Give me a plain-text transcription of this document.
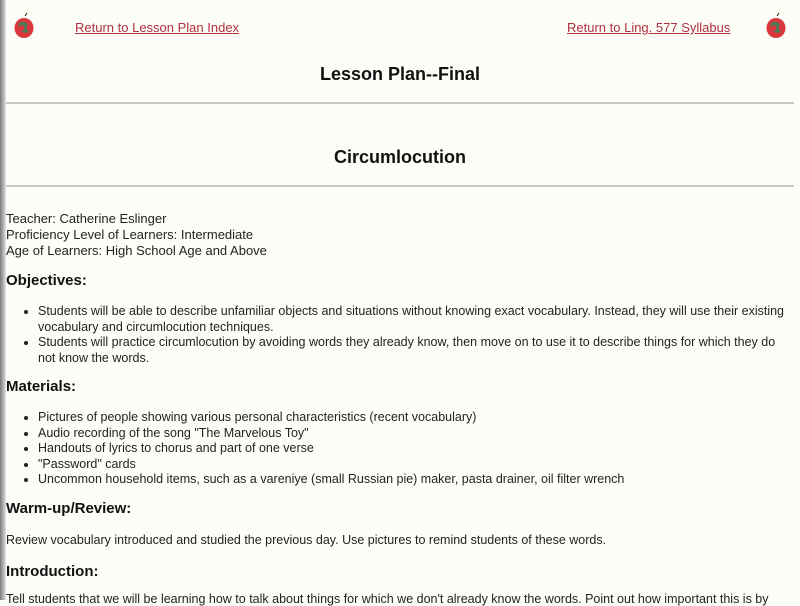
Return to Lesson Plan Index	Return to Ling. 577 Syllabus
Lesson Plan--Final
Circumlocution
Teacher: Catherine Eslinger
Proficiency Level of Learners: Intermediate
Age of Learners: High School Age and Above
Objectives:
• Students will be able to describe unfamiliar objects and situations without knowing exact vocabulary. Instead, they will use their existing vocabulary and circumlocution techniques.
• Students will practice circumlocution by avoiding words they already know, then move on to use it to describe things for which they do not know the words.
Materials:
• Pictures of people showing various personal characteristics (recent vocabulary)
• Audio recording of the song "The Marvelous Toy"
• Handouts of lyrics to chorus and part of one verse
• "Password" cards
• Uncommon household items, such as a vareniye (small Russian pie) maker, pasta drainer, oil filter wrench
Warm-up/Review:

Review vocabulary introduced and studied the previous day. Use pictures to remind students of these words.

Introduction:

Tell students that we will be learning how to talk about things for which we don't already know the words. Point out how important this is by
